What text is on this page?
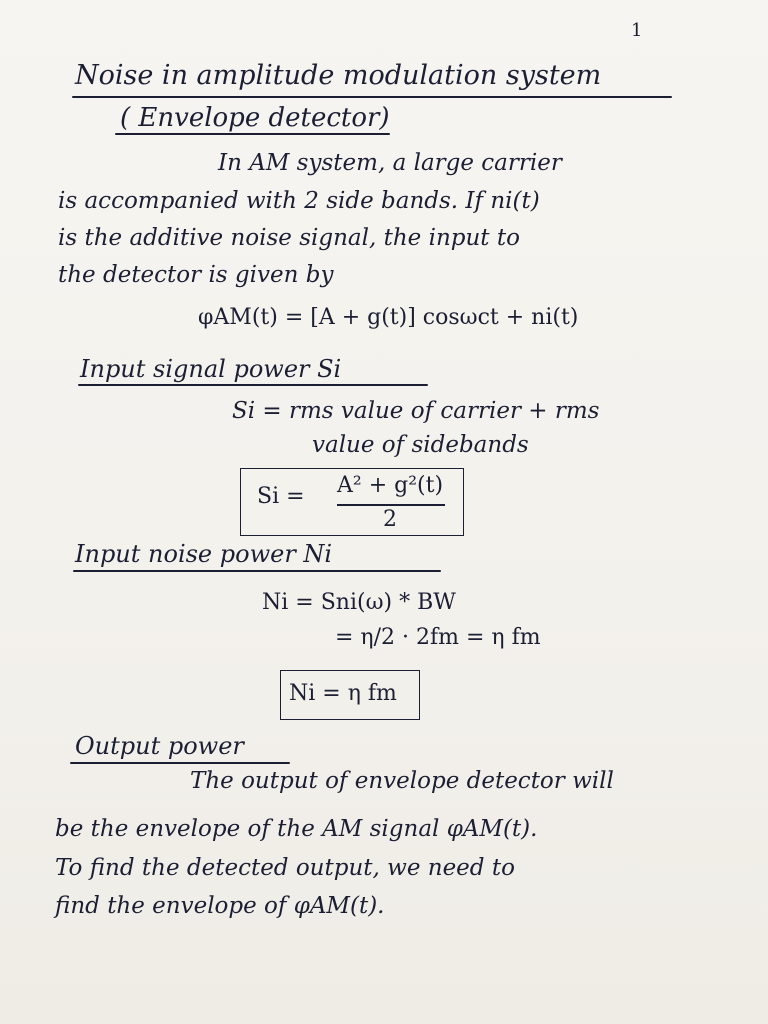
1
Noise in amplitude modulation system
( Envelope detector)
In AM system, a large carrier
is accompanied with 2 side bands. If ni(t)
is the additive noise signal, the input to
the detector is given by
φAM(t) = [A + g(t)] cosωct + ni(t)
Input signal power Si
Si = rms value of carrier + rms
value of sidebands
Si = A² + g²(t)
2
Input noise power Ni
Ni = Sni(ω) * BW
= η/2 · 2fm = η fm
Ni = η fm
Output power
The output of envelope detector will
be the envelope of the AM signal φAM(t).
To find the detected output, we need to
find the envelope of φAM(t).
